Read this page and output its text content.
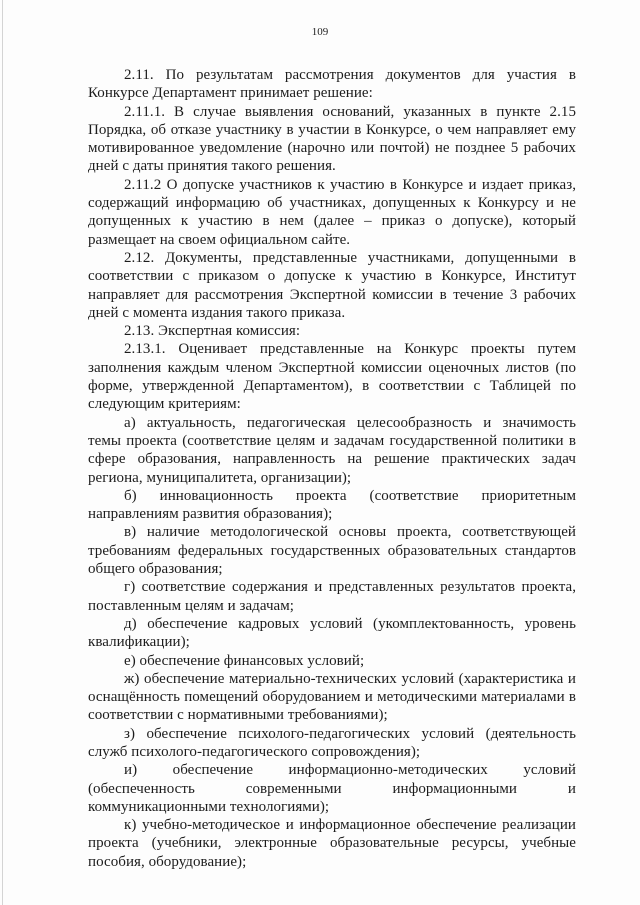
109

2.11. По результатам рассмотрения документов для участия в Конкурсе Департамент принимает решение:

2.11.1. В случае выявления оснований, указанных в пункте 2.15 Порядка, об отказе участнику в участии в Конкурсе, о чем направляет ему мотивированное уведомление (нарочно или почтой) не позднее 5 рабочих дней с даты принятия такого решения.

2.11.2 О допуске участников к участию в Конкурсе и издает приказ, содержащий информацию об участниках, допущенных к Конкурсу и не допущенных к участию в нем (далее – приказ о допуске), который размещает на своем официальном сайте.

2.12. Документы, представленные участниками, допущенными в соответствии с приказом о допуске к участию в Конкурсе, Институт направляет для рассмотрения Экспертной комиссии в течение 3 рабочих дней с момента издания такого приказа.

2.13. Экспертная комиссия:

2.13.1. Оценивает представленные на Конкурс проекты путем заполнения каждым членом Экспертной комиссии оценочных листов (по форме, утвержденной Департаментом), в соответствии с Таблицей по следующим критериям:

а) актуальность, педагогическая целесообразность и значимость темы проекта (соответствие целям и задачам государственной политики в сфере образования, направленность на решение практических задач региона, муниципалитета, организации);

б) инновационность проекта (соответствие приоритетным направлениям развития образования);

в) наличие методологической основы проекта, соответствующей требованиям федеральных государственных образовательных стандартов общего образования;

г) соответствие содержания и представленных результатов проекта, поставленным целям и задачам;

д) обеспечение кадровых условий (укомплектованность, уровень квалификации);

е) обеспечение финансовых условий;

ж) обеспечение материально-технических условий (характеристика и оснащённость помещений оборудованием и методическими материалами в соответствии с нормативными требованиями);

з) обеспечение психолого-педагогических условий (деятельность служб психолого-педагогического сопровождения);

и) обеспечение информационно-методических условий (обеспеченность современными информационными и коммуникационными технологиями);

к) учебно-методическое и информационное обеспечение реализации проекта (учебники, электронные образовательные ресурсы, учебные пособия, оборудование);
